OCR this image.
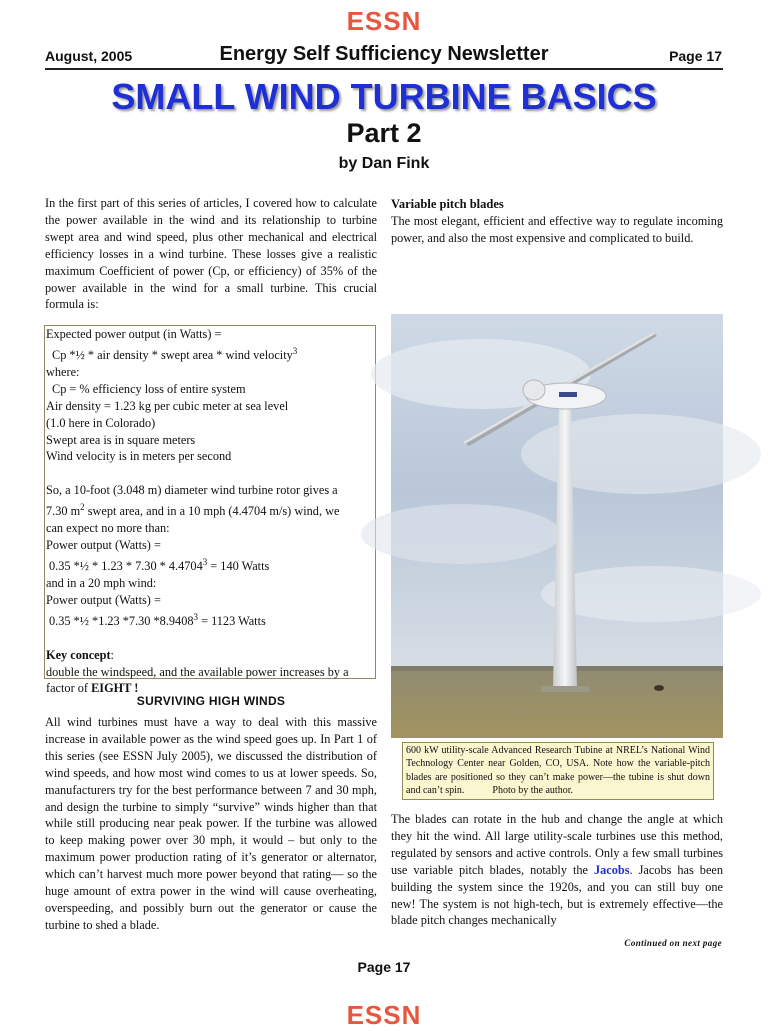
ESSN
August, 2005	Energy Self Sufficiency Newsletter	Page 17
SMALL WIND TURBINE BASICS
Part 2
by Dan Fink
In the first part of this series of articles, I covered how to calculate the power available in the wind and its relationship to turbine swept area and wind speed, plus other mechanical and electrical efficiency losses in a wind turbine. These losses give a realistic maximum Coefficient of power (Cp, or efficiency) of 35% of the power available in the wind for a small turbine. This crucial formula is:
Expected power output (in Watts) =
Cp *½ * air density * swept area * wind velocity$^3$
where:
Cp = % efficiency loss of entire system
Air density = 1.23 kg per cubic meter at sea level
(1.0 here in Colorado)
Swept area is in square meters
Wind velocity is in meters per second
So, a 10-foot (3.048 m) diameter wind turbine rotor gives a
7.30 $m^2$ swept area, and in a 10 mph (4.4704 m/s) wind, we
can expect no more than:
Power output (Watts) =
0.35 *½ * $1.23 * 7.30 * 4.4704^3 = 140$ Watts
and in a 20 mph wind:
Power output (Watts) =
0.35 *½ *1.23 *7.30 $*8.9408^3 = 1123$ Watts
Key concept:
double the windspeed, and the available power increases by a
factor of EIGHT !
SURVIVING HIGH WINDS
All wind turbines must have a way to deal with this massive increase in available power as the wind speed goes up. In Part 1 of this series (see ESSN July 2005), we discussed the distribution of wind speeds, and how most wind comes to us at lower speeds. So, manufacturers try for the best performance between 7 and 30 mph, and design the turbine to simply “survive” winds higher than that while still producing near peak power. If the turbine was allowed to keep making power over 30 mph, it would – but only to the maximum power production rating of it’s generator or alternator, which can’t harvest much more power beyond that rating— so the huge amount of extra power in the wind will cause overheating, overspeeding, and possibly burn out the generator or cause the turbine to shed a blade.
Variable pitch blades
The most elegant, efficient and effective way to regulate incoming power, and also the most expensive and complicated to build.
600 kW utility-scale Advanced Research Tubine at NREL’s National Wind Technology Center near Golden, CO, USA. Note how the variable-pitch blades are positioned so they can’t make power—the tubine is shut down and can’t spin.	Photo by the author.
The blades can rotate in the hub and change the angle at which they hit the wind. All large utility-scale turbines use this method, regulated by sensors and active controls. Only a few small turbines use variable pitch blades, notably the Jacobs. Jacobs has been building the system since the 1920s, and you can still buy one new! The system is not high-tech, but is extremely effective—the blade pitch changes mechanically
Continued on next page
Page 17
ESSN
